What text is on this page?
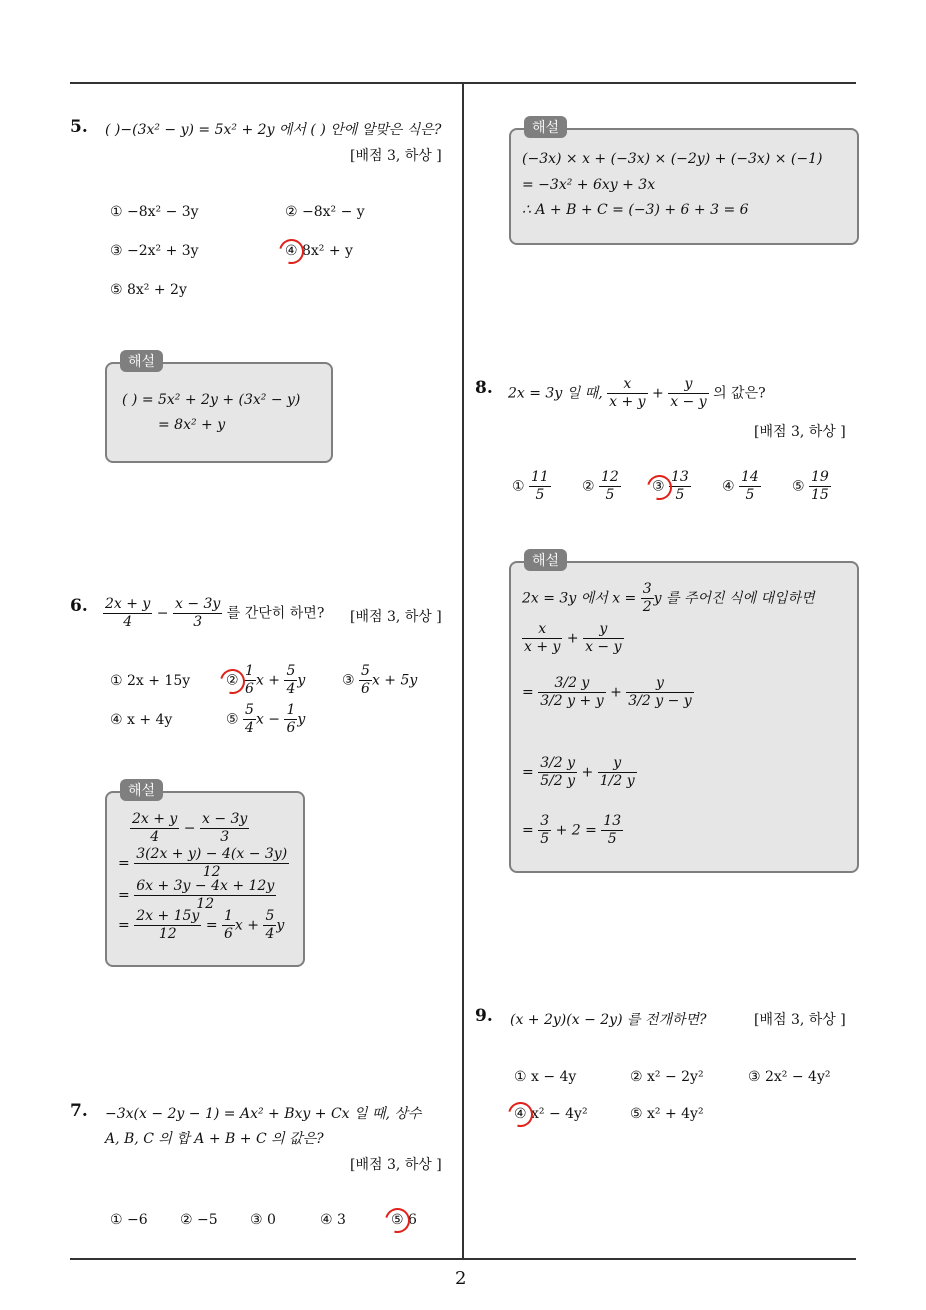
2
5. ( )−(3x² − y) = 5x² + 2y 에서 ( ) 안에 알맞은 식은?
[배점 3, 하상 ]
① −8x² − 3y	② −8x² − y
③ −2x² + 3y	④ 8x² + y
⑤ 8x² + 2y
해설
( ) = 5x² + 2y + (3x² − y)
= 8x² + y
6. $\frac{2x + y}{4} - \frac{x - 3y}{3}$ 를 간단히 하면? [배점 3, 하상 ]
① 2x + 15y	② $\frac{1}{6}$ $x + \frac{5}{4}$ y	③ $\frac{5}{6}$ x + 5y
④ x + 4y	⑤ $\frac{5}{4}$ $x - \frac{1}{6}$ y
해설
$\frac{2x + y}{4} - \frac{x - 3y}{3}$
= $\frac{3(2x + y) - 4(x - 3y)}{12}$
= $\frac{6x + 3y - 4x + 12y}{12}$
= $\frac{2x + 15y}{12} = \frac{1}{6}$ $x + \frac{5}{4}$ y
7. −3x(x − 2y − 1) = Ax² + Bxy + Cx 일 때, 상수
A, B, C 의 합 A + B + C 의 값은?
[배점 3, 하상 ]
① −6 ② −5 ③ 0	④ 3	⑤ 6
해설
(−3x) × x + (−3x) × (−2y) + (−3x) × (−1)
= −3x² + 6xy + 3x
∴ A + B + C = (−3) + 6 + 3 = 6
8. 2x = 3y 일 때, $\frac{x}{x + y} + \frac{y}{x - y}$ 의 값은?
[배점 3, 하상 ]
① $\frac{11}{5}$ ② $\frac{12}{5}$ ③ $\frac{13}{5}$ ④ $\frac{14}{5}$ ⑤ $\frac{19}{15}$
해설
2x = 3y 에서 $x = \frac{3}{2}$ y 를 주어진 식에 대입하면
$\frac{x}{x + y} + \frac{y}{x - y}$
= $\frac{3/2 y}{3/2 y + y} + \frac{y}{3/2 y - y}$
= $\frac{3/2 y}{5/2 y} + \frac{y}{1/2 y}$
= $\frac{3}{5} + 2 = \frac{13}{5}$
9. (x + 2y)(x − 2y) 를 전개하면?	[배점 3, 하상 ]
① x − 4y	② x² − 2y²	③ 2x² − 4y²
④ x² − 4y²	⑤ x² + 4y²
